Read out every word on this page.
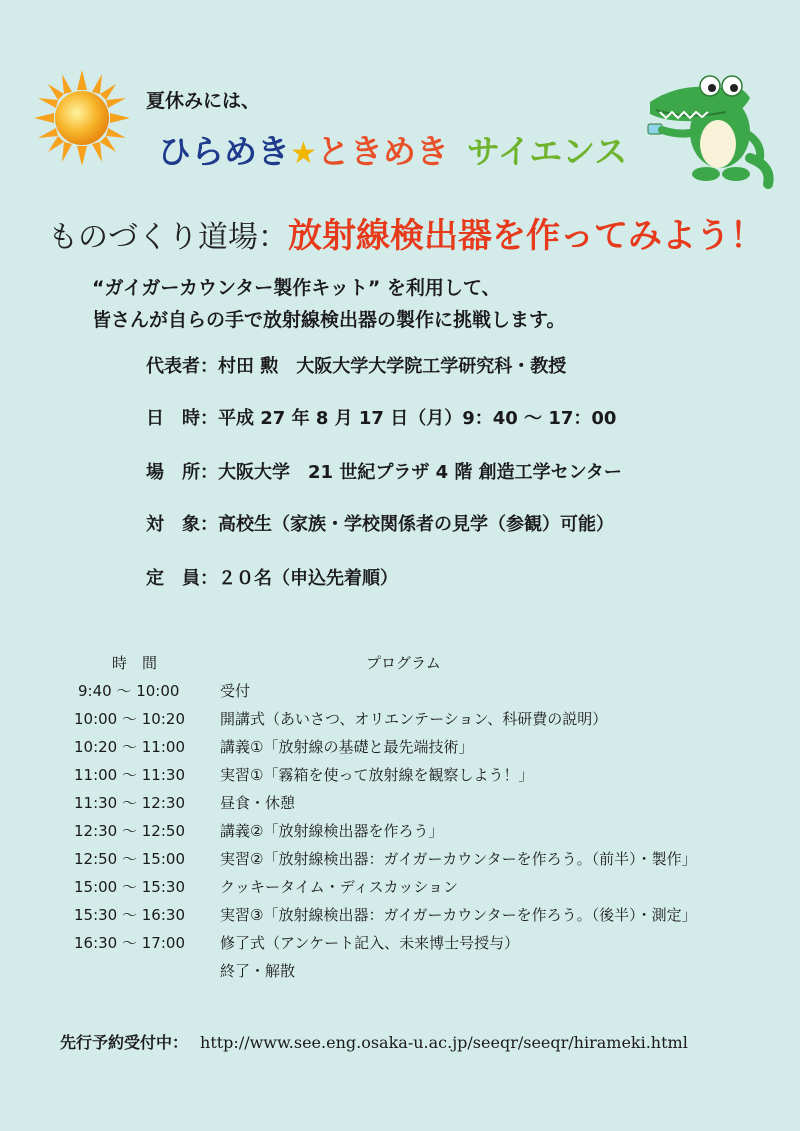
夏休みには、
ひらめき★ときめき サイエンス
ものづくり道場：放射線検出器を作ってみよう！
“ガイガーカウンター製作キット” を利用して、
皆さんが自らの手で放射線検出器の製作に挑戦します。
代表者：村田 勲　大阪大学大学院工学研究科・教授
日　時：平成 27 年 8 月 17 日（月）9：40 〜 17：00
場　所：大阪大学　21 世紀プラザ 4 階 創造工学センター
対　象：高校生（家族・学校関係者の見学（参観）可能）
定　員：２０名（申込先着順）
時　間	プログラム
9:40 〜 10:00	受付
10:00 〜 10:20 開講式（あいさつ、オリエンテーション、科研費の説明）
10:20 〜 11:00 講義①「放射線の基礎と最先端技術」
11:00 〜 11:30 実習①「霧箱を使って放射線を観察しよう！」
11:30 〜 12:30 昼食・休憩
12:30 〜 12:50 講義②「放射線検出器を作ろう」
12:50 〜 15:00 実習②「放射線検出器：ガイガーカウンターを作ろう。（前半）・製作」
15:00 〜 15:30 クッキータイム・ディスカッション
15:30 〜 16:30 実習③「放射線検出器：ガイガーカウンターを作ろう。（後半）・測定」
16:30 〜 17:00 修了式（アンケート記入、未来博士号授与）
終了・解散
先行予約受付中： http://www.see.eng.osaka-u.ac.jp/seeqr/seeqr/hirameki.html
